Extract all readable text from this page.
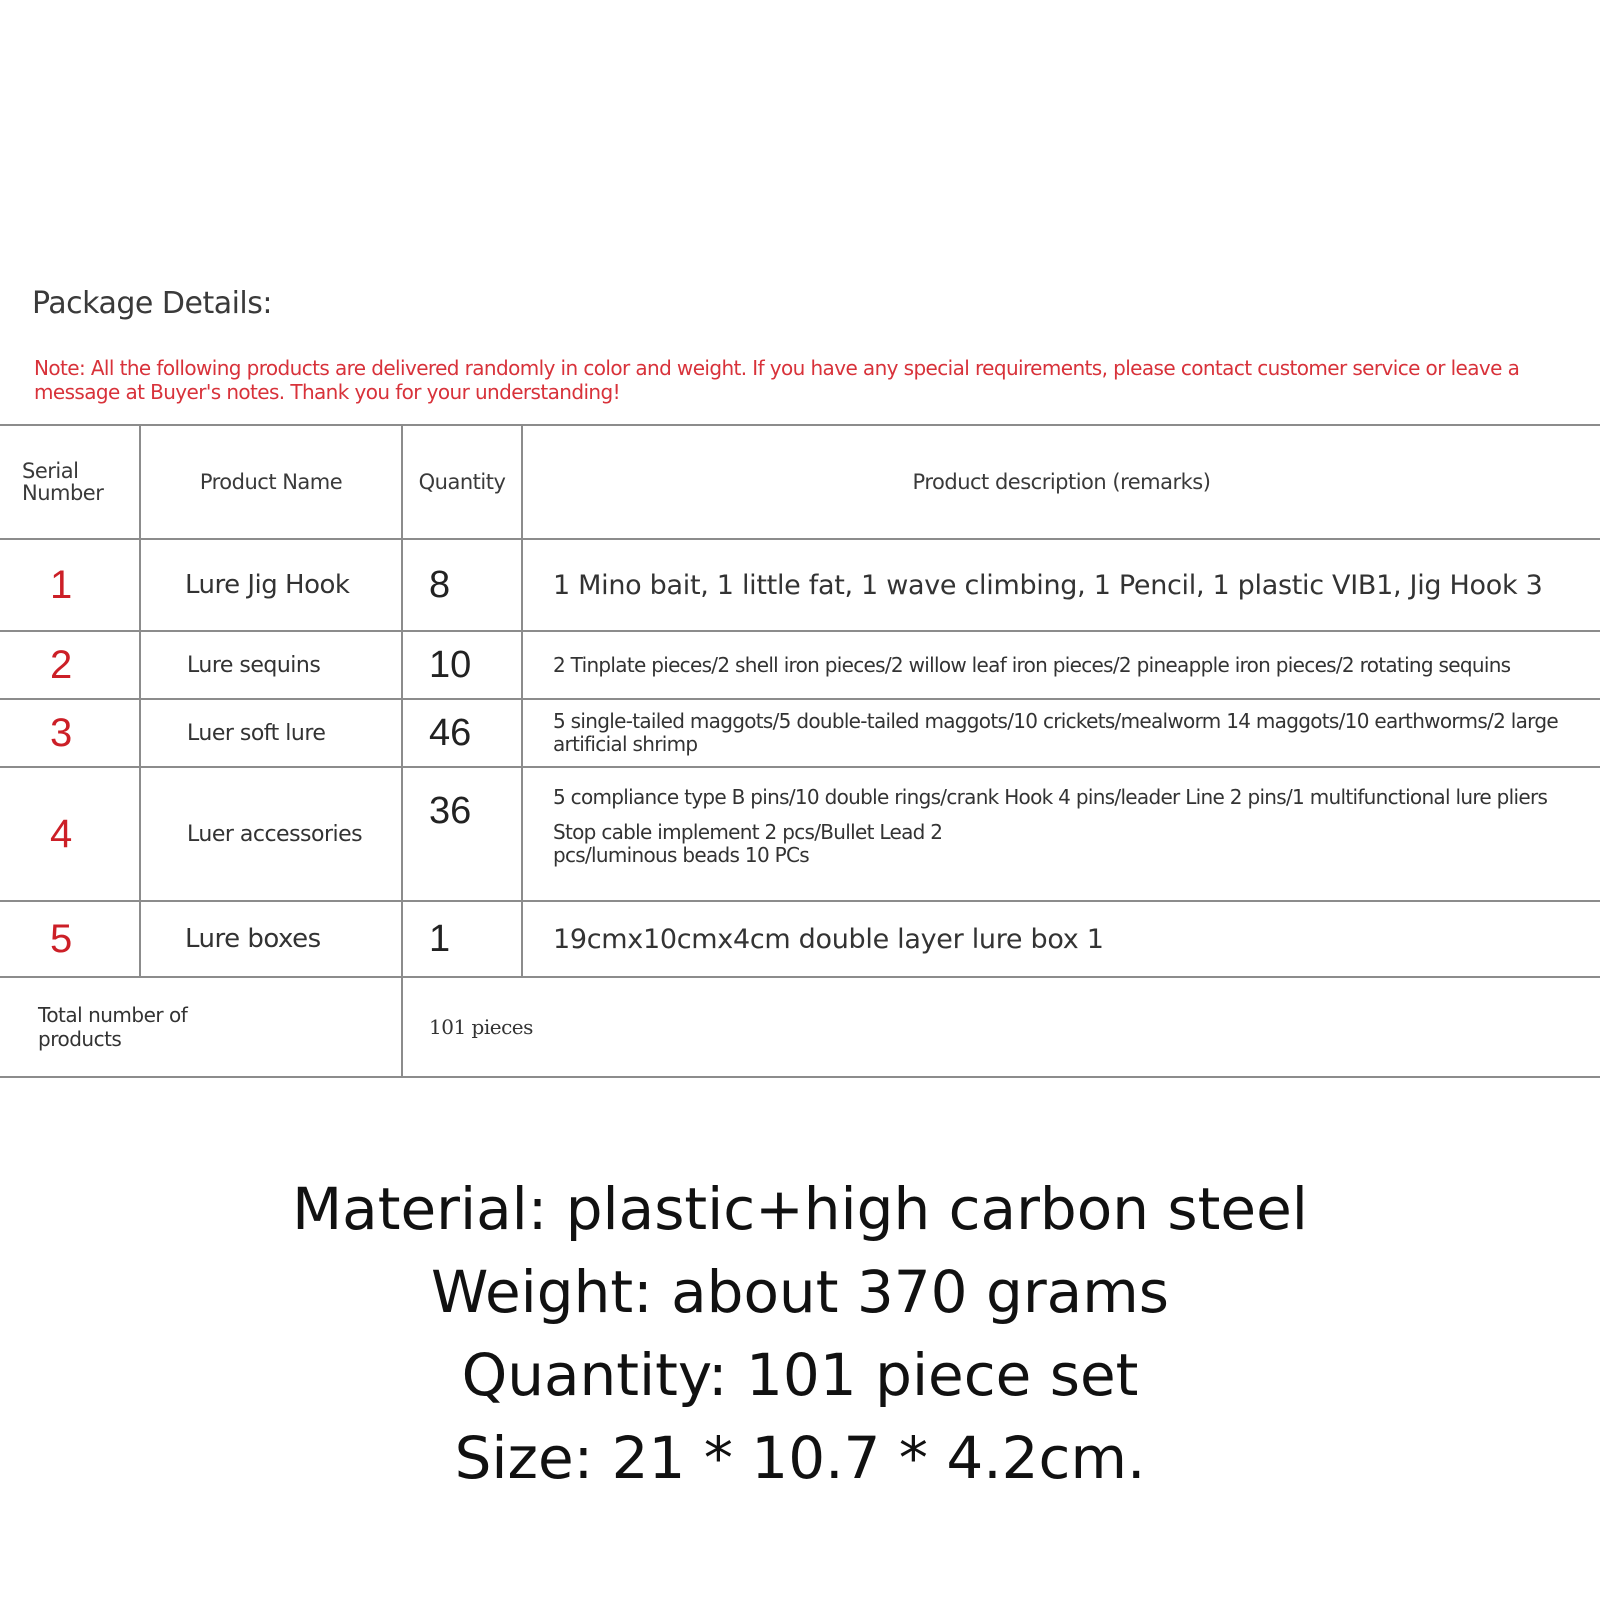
Package Details:
Note: All the following products are delivered randomly in color and weight. If you have any special requirements, please contact customer service or leave a message at Buyer's notes. Thank you for your understanding!
Serial Number	Product Name	Quantity	Product description (remarks)
1	Lure Jig Hook	8	1 Mino bait, 1 little fat, 1 wave climbing, 1 Pencil, 1 plastic VIB1, Jig Hook 3
2	Lure sequins	10	2 Tinplate pieces/2 shell iron pieces/2 willow leaf iron pieces/2 pineapple iron pieces/2 rotating sequins
3	Luer soft lure	46	5 single-tailed maggots/5 double-tailed maggots/10 crickets/mealworm 14 maggots/10 earthworms/2 large artificial shrimp
4	Luer accessories	36	5 compliance type B pins/10 double rings/crank Hook 4 pins/leader Line 2 pins/1 multifunctional lure pliers
Stop cable implement 2 pcs/Bullet Lead 2 pcs/luminous beads 10 PCs

5	Lure boxes	1	19cmx10cmx4cm double layer lure box 1

Total number of products		101 pieces	
Material: plastic+high carbon steel
Weight: about 370 grams
Quantity: 101 piece set
Size: 21 * 10.7 * 4.2cm.
